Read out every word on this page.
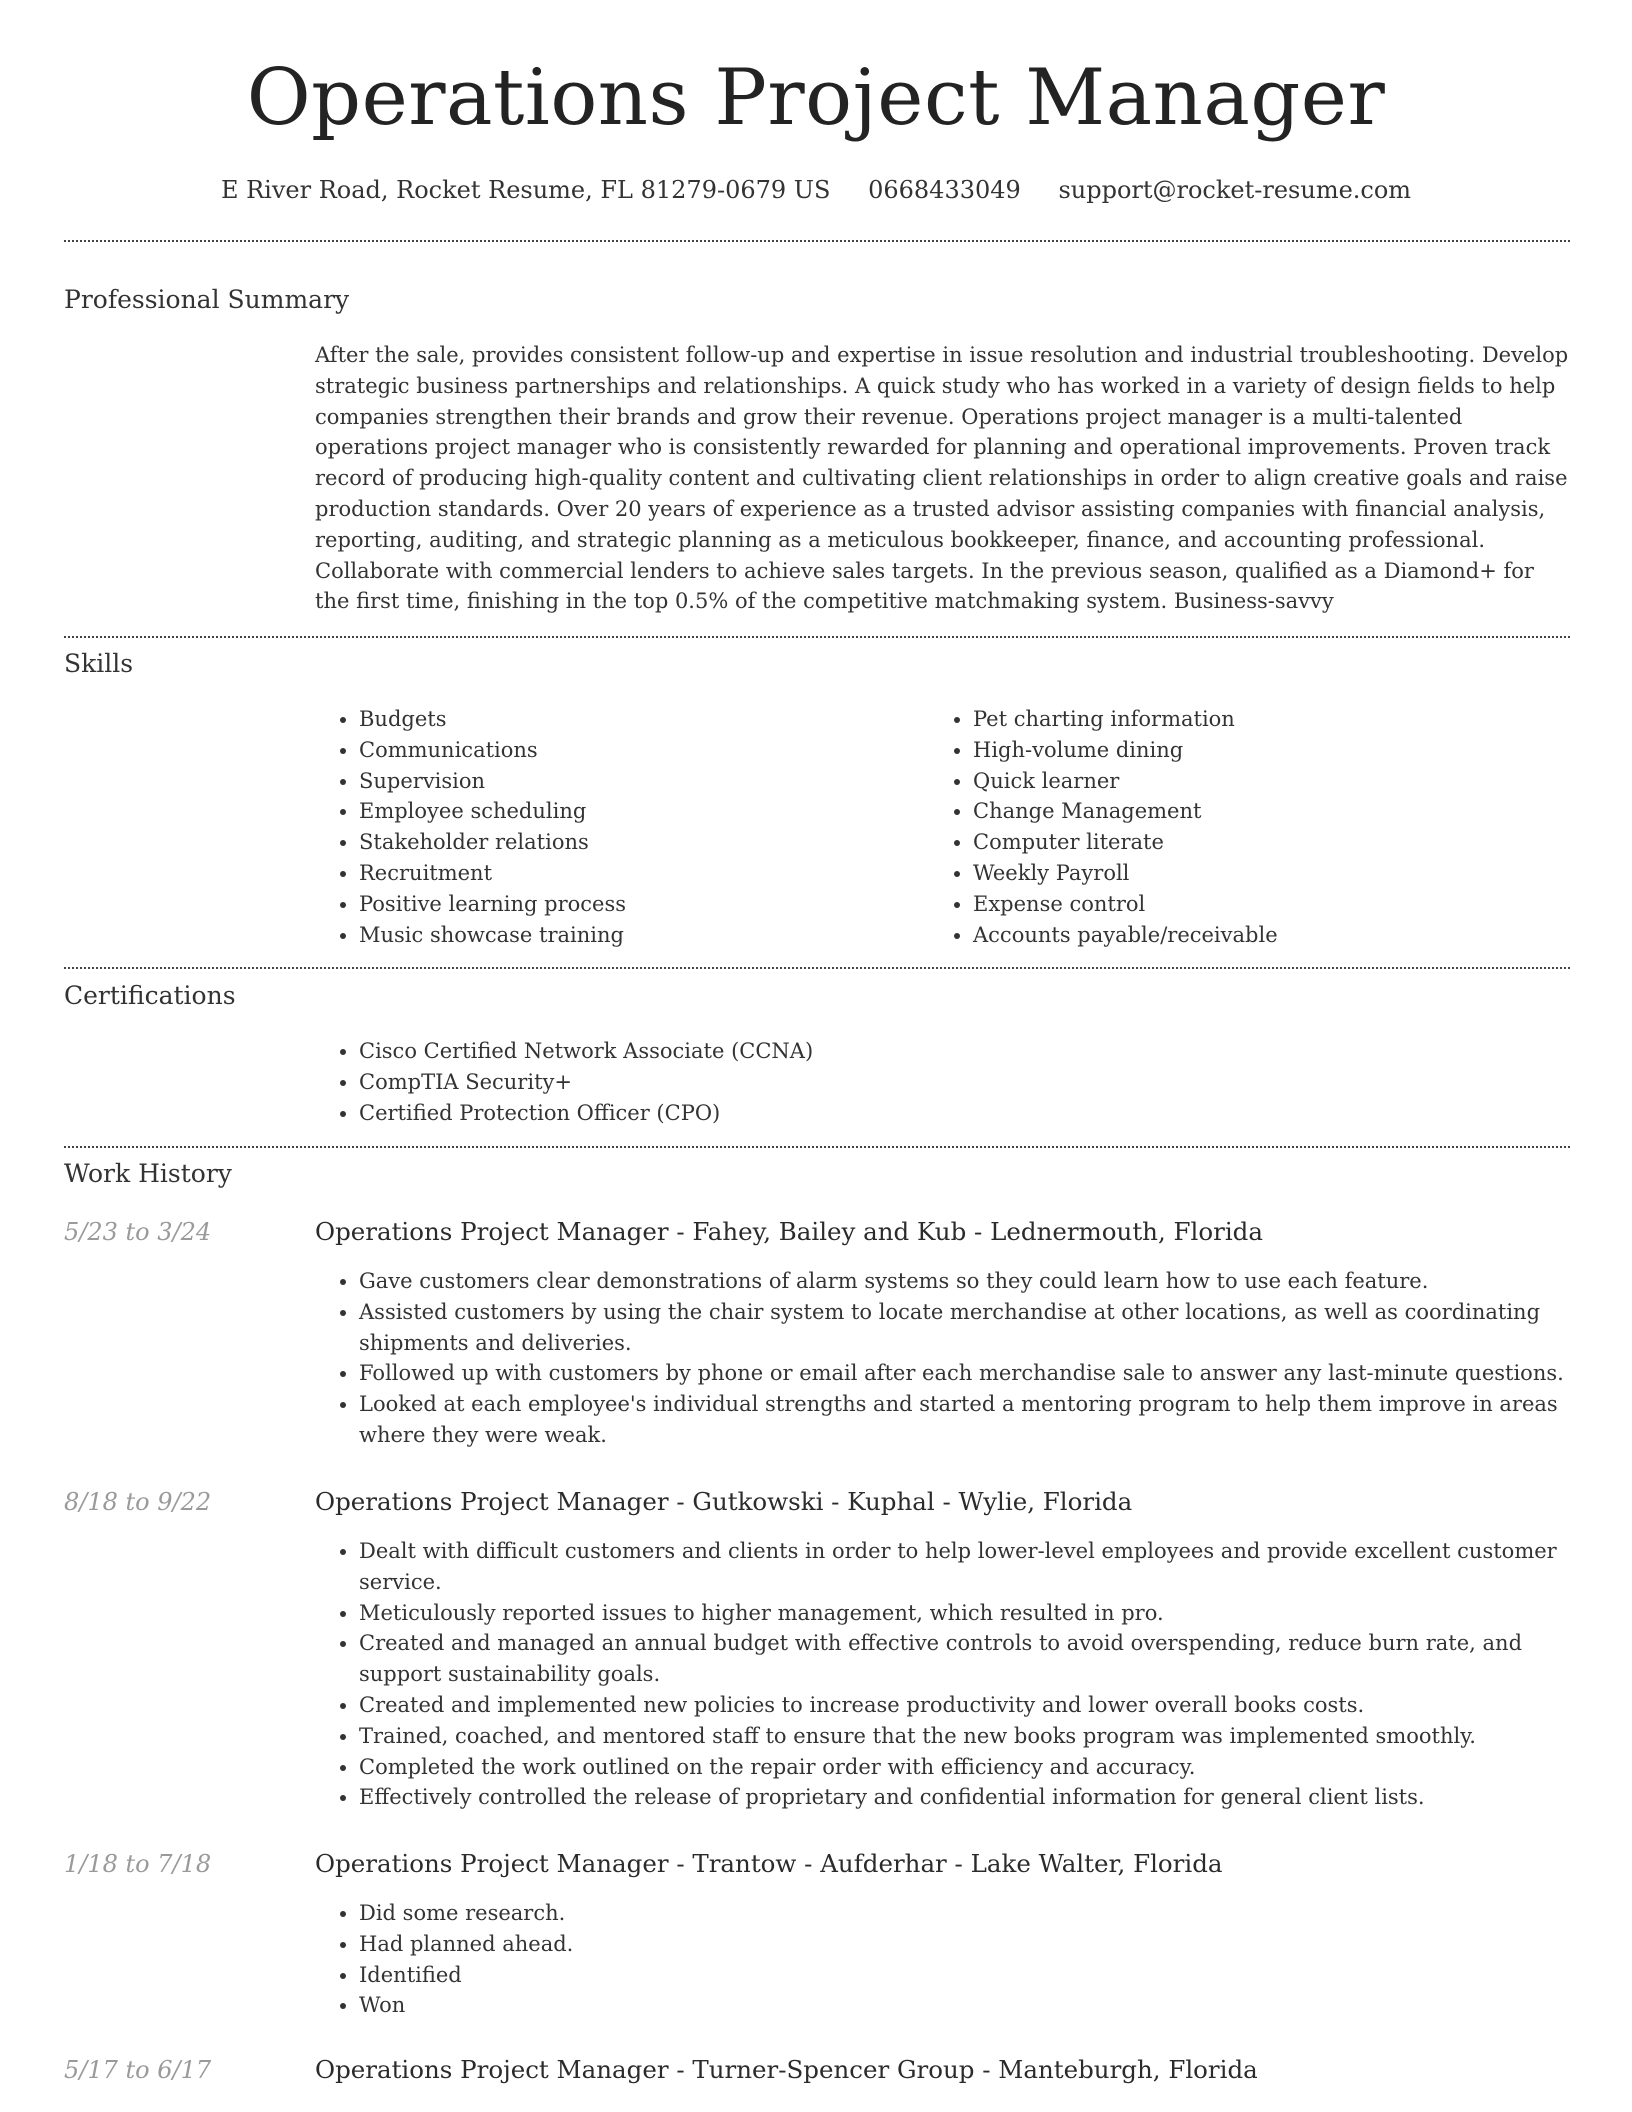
Operations Project Manager
E River Road, Rocket Resume, FL 81279-0679 US 0668433049 support@rocket-resume.com
Professional Summary
After the sale, provides consistent follow-up and expertise in issue resolution and industrial troubleshooting. Develop strategic business partnerships and relationships. A quick study who has worked in a variety of design fields to help companies strengthen their brands and grow their revenue. Operations project manager is a multi-talented operations project manager who is consistently rewarded for planning and operational improvements. Proven track record of producing high-quality content and cultivating client relationships in order to align creative goals and raise production standards. Over 20 years of experience as a trusted advisor assisting companies with financial analysis, reporting, auditing, and strategic planning as a meticulous bookkeeper, finance, and accounting professional. Collaborate with commercial lenders to achieve sales targets. In the previous season, qualified as a Diamond+ for the first time, finishing in the top 0.5% of the competitive matchmaking system. Business-savvy
Skills
• Budgets
• Communications
• Supervision
• Employee scheduling
• Stakeholder relations
• Recruitment
• Positive learning process
• Music showcase training
• Pet charting information
• High-volume dining
• Quick learner
• Change Management
• Computer literate
• Weekly Payroll
• Expense control
• Accounts payable/receivable
Certifications
• Cisco Certified Network Associate (CCNA)
• CompTIA Security+
• Certified Protection Officer (CPO)
Work History
5/23 to 3/24	Operations Project Manager - Fahey, Bailey and Kub - Lednermouth, Florida
• Gave customers clear demonstrations of alarm systems so they could learn how to use each feature.
• Assisted customers by using the chair system to locate merchandise at other locations, as well as coordinating shipments and deliveries.
• Followed up with customers by phone or email after each merchandise sale to answer any last-minute questions.
• Looked at each employee's individual strengths and started a mentoring program to help them improve in areas where they were weak.
8/18 to 9/22	Operations Project Manager - Gutkowski - Kuphal - Wylie, Florida
• Dealt with difficult customers and clients in order to help lower-level employees and provide excellent customer service.
• Meticulously reported issues to higher management, which resulted in pro.
• Created and managed an annual budget with effective controls to avoid overspending, reduce burn rate, and support sustainability goals.
• Created and implemented new policies to increase productivity and lower overall books costs.
• Trained, coached, and mentored staff to ensure that the new books program was implemented smoothly.
• Completed the work outlined on the repair order with efficiency and accuracy.
• Effectively controlled the release of proprietary and confidential information for general client lists.
1/18 to 7/18	Operations Project Manager - Trantow - Aufderhar - Lake Walter, Florida
• Did some research.
• Had planned ahead.
• Identified
• Won
5/17 to 6/17	Operations Project Manager - Turner-Spencer Group - Manteburgh, Florida
